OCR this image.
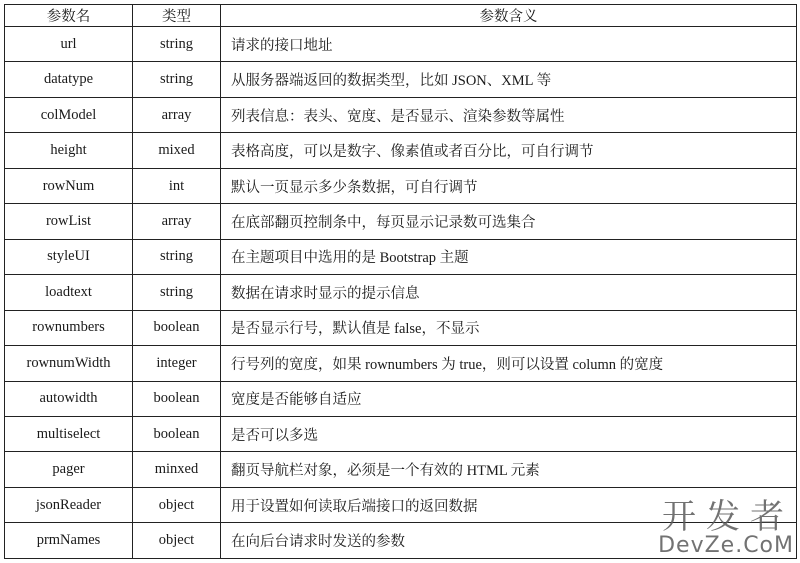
参数名	类型	参数含义
url	string	请求的接口地址
datatype	string	从服务器端返回的数据类型，比如 JSON、XML 等
colModel	array	列表信息：表头、宽度、是否显示、渲染参数等属性
height	mixed	表格高度，可以是数字、像素值或者百分比，可自行调节
rowNum	int	默认一页显示多少条数据，可自行调节
rowList	array	在底部翻页控制条中，每页显示记录数可选集合
styleUI	string	在主题项目中选用的是 Bootstrap 主题
loadtext	string	数据在请求时显示的提示信息
rownumbers	boolean	是否显示行号，默认值是 false，不显示
rownumWidth	integer	行号列的宽度，如果 rownumbers 为 true，则可以设置 column 的宽度
autowidth	boolean	宽度是否能够自适应
multiselect	boolean	是否可以多选
pager	minxed	翻页导航栏对象，必须是一个有效的 HTML 元素
jsonReader	object	用于设置如何读取后端接口的返回数据
prmNames	object	在向后台请求时发送的参数
开发者
DevZe.CoM
